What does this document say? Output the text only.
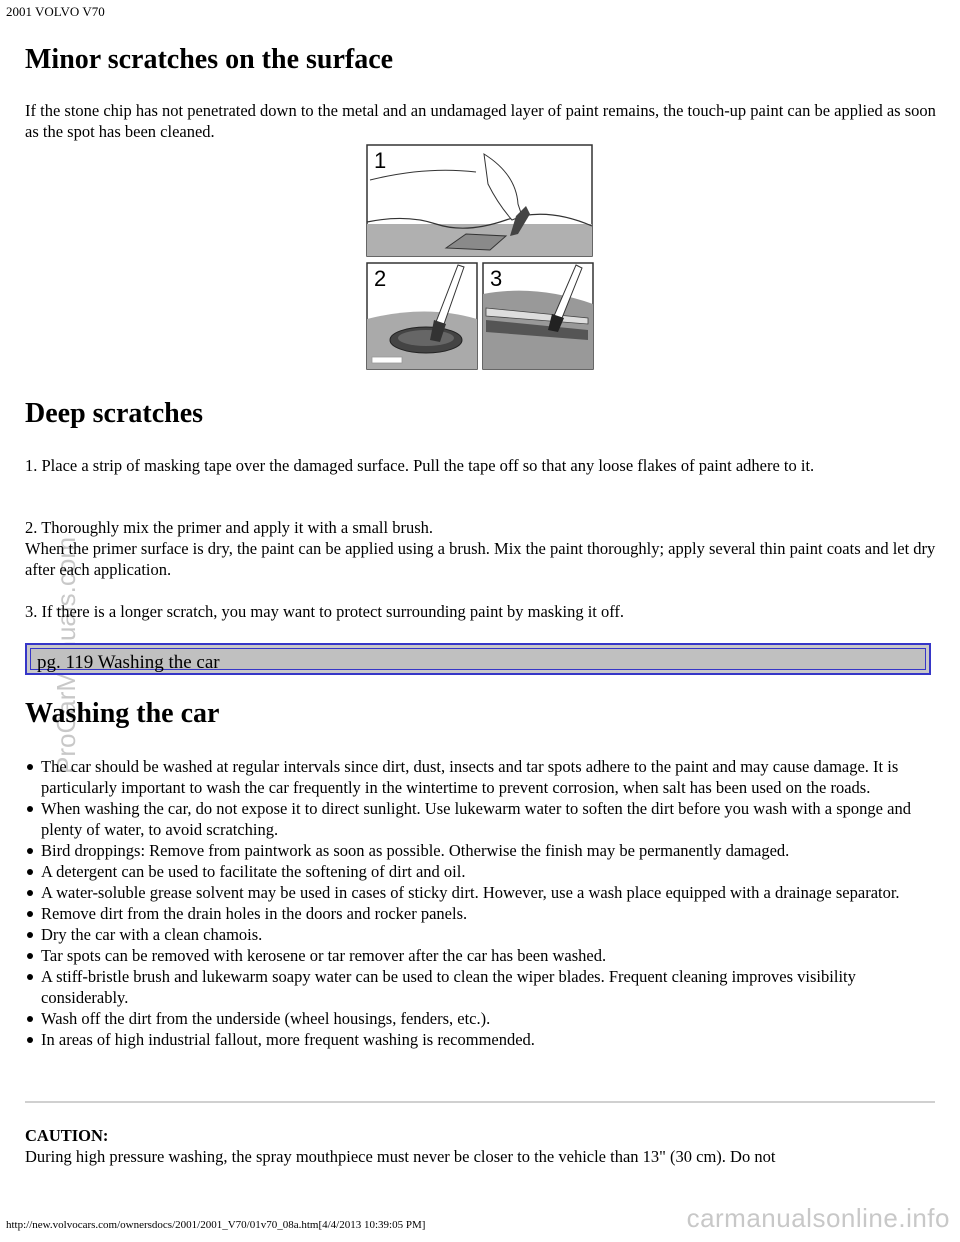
2001 VOLVO V70
Minor scratches on the surface

If the stone chip has not penetrated down to the metal and an undamaged layer of paint remains, the touch-up paint can be applied as soon as the spot has been cleaned.

1
2	3
Deep scratches

1. Place a strip of masking tape over the damaged surface. Pull the tape off so that any loose flakes of paint adhere to it.

2. Thoroughly mix the primer and apply it with a small brush.

When the primer surface is dry, the paint can be applied using a brush. Mix the paint thoroughly; apply several thin paint coats and let dry after each application.

3. If there is a longer scratch, you may want to protect surrounding paint by masking it off.

pg. 119 Washing the car
Washing the car
The car should be washed at regular intervals since dirt, dust, insects and tar spots adhere to the paint and may cause damage. It is particularly important to wash the car frequently in the wintertime to prevent corrosion, when salt has been used on the roads.
When washing the car, do not expose it to direct sunlight. Use lukewarm water to soften the dirt before you wash with a sponge and plenty of water, to avoid scratching.
Bird droppings: Remove from paintwork as soon as possible. Otherwise the finish may be permanently damaged.
A detergent can be used to facilitate the softening of dirt and oil.
A water-soluble grease solvent may be used in cases of sticky dirt. However, use a wash place equipped with a drainage separator.
Remove dirt from the drain holes in the doors and rocker panels.
Dry the car with a clean chamois.
Tar spots can be removed with kerosene or tar remover after the car has been washed.
A stiff-bristle brush and lukewarm soapy water can be used to clean the wiper blades. Frequent cleaning improves visibility considerably.
Wash off the dirt from the underside (wheel housings, fenders, etc.).
In areas of high industrial fallout, more frequent washing is recommended.

CAUTION:

During high pressure washing, the spray mouthpiece must never be closer to the vehicle than 13" (30 cm). Do not

http://new.volvocars.com/ownersdocs/2001/2001_V70/01v70_08a.htm[4/4/2013 10:39:05 PM]	carmanualsonline.info
